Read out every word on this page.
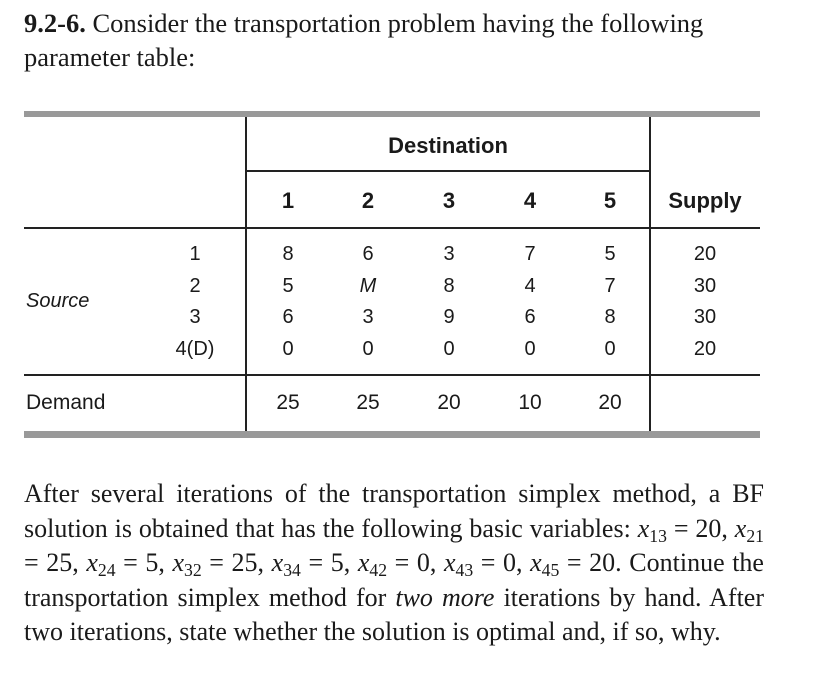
9.2-6. Consider the transportation problem having the following parameter table:
Destination
1	2	3	4	5	Supply
Source
1	8	6	3	7	5	20
2	5	M	8	4	7	30
3	6	3	9	6	8	30
4(D)	0	0	0	0	0	20
Demand	25	25	20	10	20
After several iterations of the transportation simplex method, a BF solution is obtained that has the following basic variables: $x_{13} = 20$, $x_{21} = 25$, $x_{24} = 5$, $x_{32} = 25$, $x_{34} = 5$, $x_{42} = 0$, $x_{43} = 0$, $x_{45} = 20$. Continue the transportation simplex method for two more iterations by hand. After two iterations, state whether the solution is optimal and, if so, why.
